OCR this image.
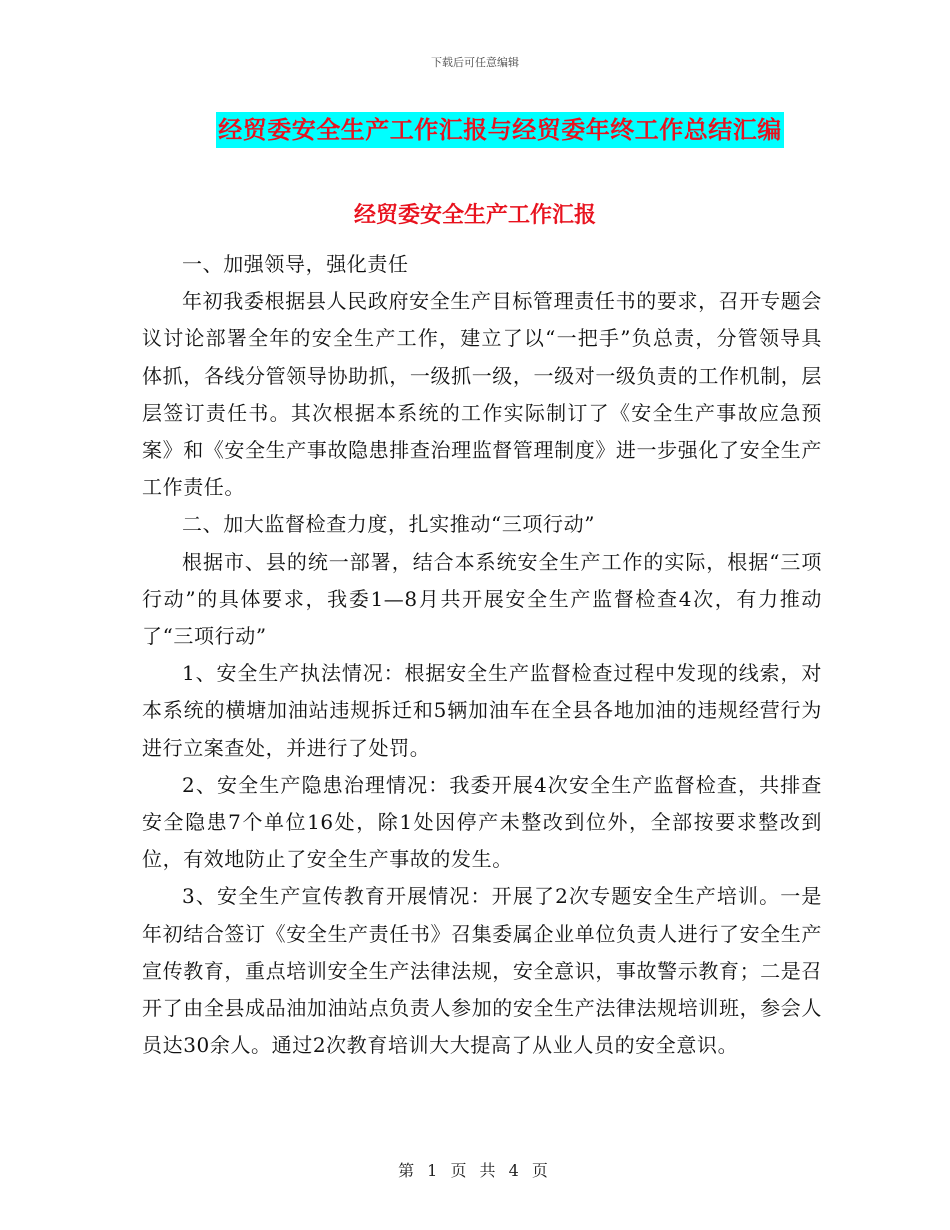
下载后可任意编辑
经贸委安全生产工作汇报与经贸委年终工作总结汇编
经贸委安全生产工作汇报

一、加强领导，强化责任

年初我委根据县人民政府安全生产目标管理责任书的要求，召开专题会议讨论部署全年的安全生产工作，建立了以“一把手”负总责，分管领导具体抓，各线分管领导协助抓，一级抓一级，一级对一级负责的工作机制，层层签订责任书。其次根据本系统的工作实际制订了《安全生产事故应急预案》和《安全生产事故隐患排查治理监督管理制度》进一步强化了安全生产工作责任。

二、加大监督检查力度，扎实推动“三项行动”

根据市、县的统一部署，结合本系统安全生产工作的实际，根据“三项行动”的具体要求，我委1—8月共开展安全生产监督检查4次，有力推动了“三项行动”

1、安全生产执法情况：根据安全生产监督检查过程中发现的线索，对本系统的横塘加油站违规拆迁和5辆加油车在全县各地加油的违规经营行为进行立案查处，并进行了处罚。

2、安全生产隐患治理情况：我委开展4次安全生产监督检查，共排查安全隐患7个单位16处，除1处因停产未整改到位外，全部按要求整改到位，有效地防止了安全生产事故的发生。

3、安全生产宣传教育开展情况：开展了2次专题安全生产培训。一是年初结合签订《安全生产责任书》召集委属企业单位负责人进行了安全生产宣传教育，重点培训安全生产法律法规，安全意识，事故警示教育；二是召开了由全县成品油加油站点负责人参加的安全生产法律法规培训班，参会人员达30余人。通过2次教育培训大大提高了从业人员的安全意识。

第 1 页 共 4 页
